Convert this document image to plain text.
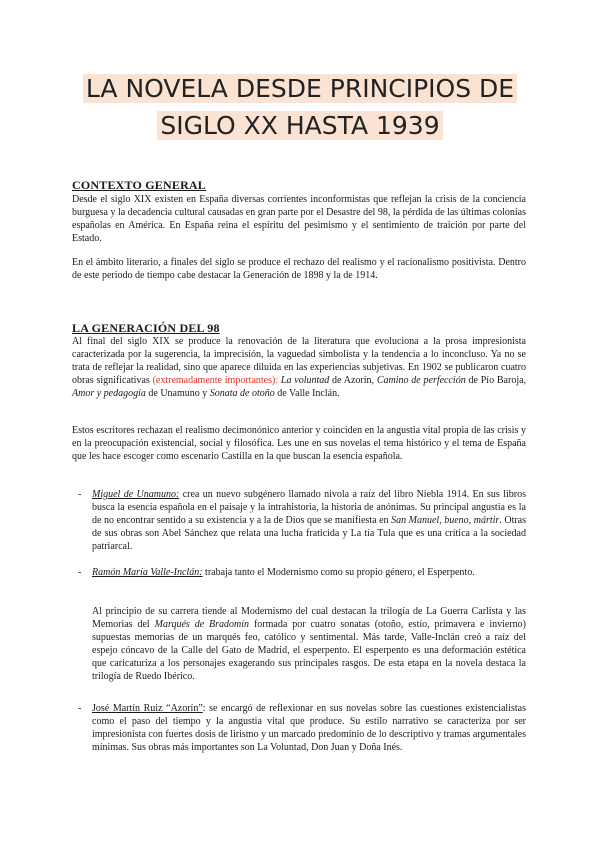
LA NOVELA DESDE PRINCIPIOS DE
SIGLO XX HASTA 1939
CONTEXTO GENERAL
Desde el siglo XIX existen en España diversas corrientes inconformistas que reflejan la crisis de la conciencia burguesa y la decadencia cultural causadas en gran parte por el Desastre del 98, la pérdida de las últimas colonias españolas en América. En España reina el espíritu del pesimismo y el sentimiento de traición por parte del Estado.
En el ámbito literario, a finales del siglo se produce el rechazo del realismo y el racionalismo positivista. Dentro de este periodo de tiempo cabe destacar la Generación de 1898 y la de 1914.
LA GENERACIÓN DEL 98
Al final del siglo XIX se produce la renovación de la literatura que evoluciona a la prosa impresionista caracterizada por la sugerencia, la imprecisión, la vaguedad simbolista y la tendencia a lo inconcluso. Ya no se trata de reflejar la realidad, sino que aparece diluida en las experiencias subjetivas. En 1902 se publicaron cuatro obras significativas (extremadamente importantes): La voluntad de Azorín, Camino de perfección de Pío Baroja, Amor y pedagogía de Unamuno y Sonata de otoño de Valle Inclán.
Estos escritores rechazan el realismo decimonónico anterior y coinciden en la angustia vital propia de las crisis y en la preocupación existencial, social y filosófica. Les une en sus novelas el tema histórico y el tema de España que les hace escoger como escenario Castilla en la que buscan la esencia española.
- Miguel de Unamuno: crea un nuevo subgénero llamado nivola a raíz del libro Niebla 1914. En sus libros busca la esencia española en el paisaje y la intrahistoria, la historia de anónimas. Su principal angustia es la de no encontrar sentido a su existencia y a la de Dios que se manifiesta en San Manuel, bueno, mártir. Otras de sus obras son Abel Sánchez que relata una lucha fraticida y La tía Tula que es una crítica a la sociedad patriarcal.
- Ramón María Valle-Inclán: trabaja tanto el Modernismo como su propio género, el Esperpento.
Al principio de su carrera tiende al Modernismo del cual destacan la trilogía de La Guerra Carlista y las Memorias del Marqués de Bradomín formada por cuatro sonatas (otoño, estío, primavera e invierno) supuestas memorias de un marqués feo, católico y sentimental. Más tarde, Valle-Inclán creó a raíz del espejo cóncavo de la Calle del Gato de Madrid, el esperpento. El esperpento es una deformación estética que caricaturiza a los personajes exagerando sus principales rasgos. De esta etapa en la novela destaca la trilogía de Ruedo Ibérico.
- José Martín Ruiz “Azorín”: se encargó de reflexionar en sus novelas sobre las cuestiones existencialistas como el paso del tiempo y la angustia vital que produce. Su estilo narrativo se caracteriza por ser impresionista con fuertes dosis de lirismo y un marcado predominio de lo descriptivo y tramas argumentales mínimas. Sus obras más importantes son La Voluntad, Don Juan y Doña Inés.
